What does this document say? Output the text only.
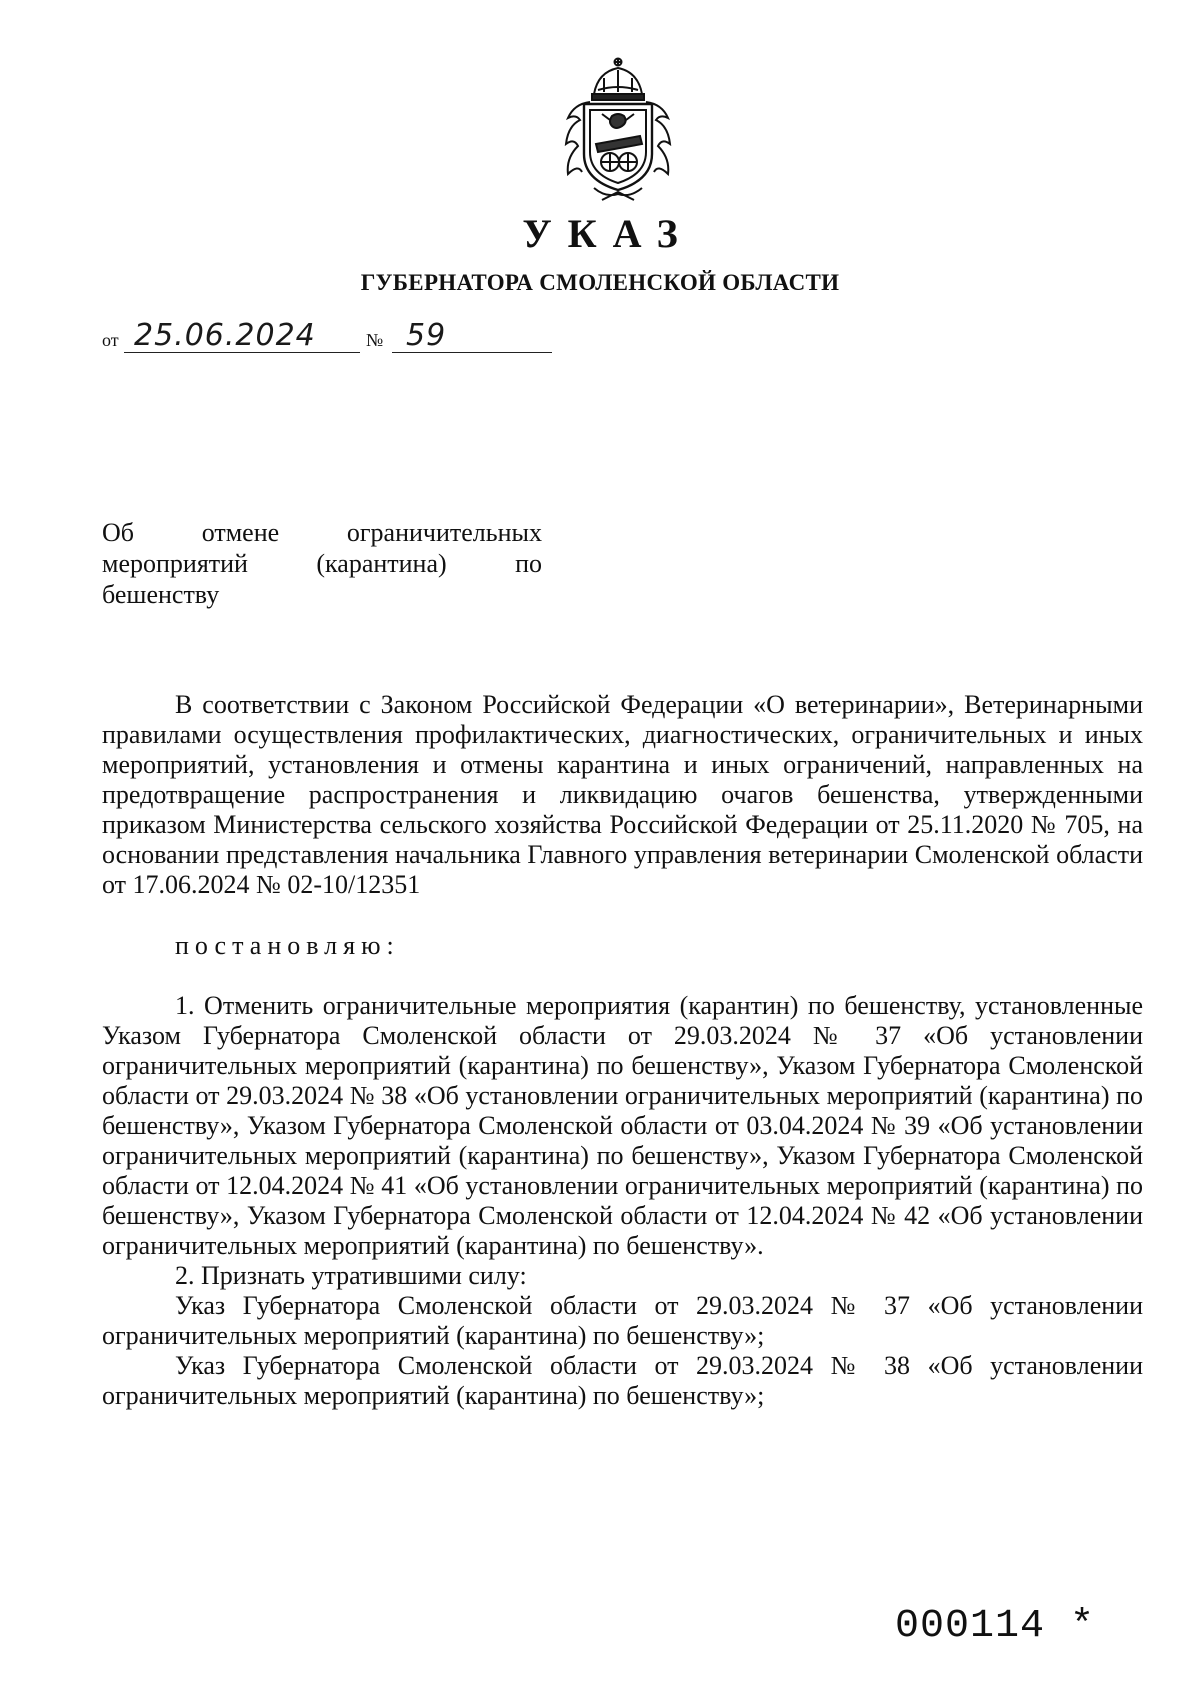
УКАЗ
ГУБЕРНАТОРА СМОЛЕНСКОЙ ОБЛАСТИ
от 25.06.2024	№ 59
Об	отмене	ограничительных
мероприятий	(карантина)	по
бешенству

В соответствии с Законом Российской Федерации «О ветеринарии», Ветеринарными правилами осуществления профилактических, диагностических, ограничительных и иных мероприятий, установления и отмены карантина и иных ограничений, направленных на предотвращение распространения и ликвидацию очагов бешенства, утвержденными приказом Министерства сельского хозяйства Российской Федерации от 25.11.2020 № 705, на основании представления начальника Главного управления ветеринарии Смоленской области от 17.06.2024 № 02-10/12351

постановляю:

1. Отменить ограничительные мероприятия (карантин) по бешенству, установленные Указом Губернатора Смоленской области от 29.03.2024 № 37 «Об установлении ограничительных мероприятий (карантина) по бешенству», Указом Губернатора Смоленской области от 29.03.2024 № 38 «Об установлении ограничительных мероприятий (карантина) по бешенству», Указом Губернатора Смоленской области от 03.04.2024 № 39 «Об установлении ограничительных мероприятий (карантина) по бешенству», Указом Губернатора Смоленской области от 12.04.2024 № 41 «Об установлении ограничительных мероприятий (карантина) по бешенству», Указом Губернатора Смоленской области от 12.04.2024 № 42 «Об установлении ограничительных мероприятий (карантина) по бешенству».

2. Признать утратившими силу:

Указ Губернатора Смоленской области от 29.03.2024 № 37 «Об установлении ограничительных мероприятий (карантина) по бешенству»;

Указ Губернатора Смоленской области от 29.03.2024 № 38 «Об установлении ограничительных мероприятий (карантина) по бешенству»;

000114 *
